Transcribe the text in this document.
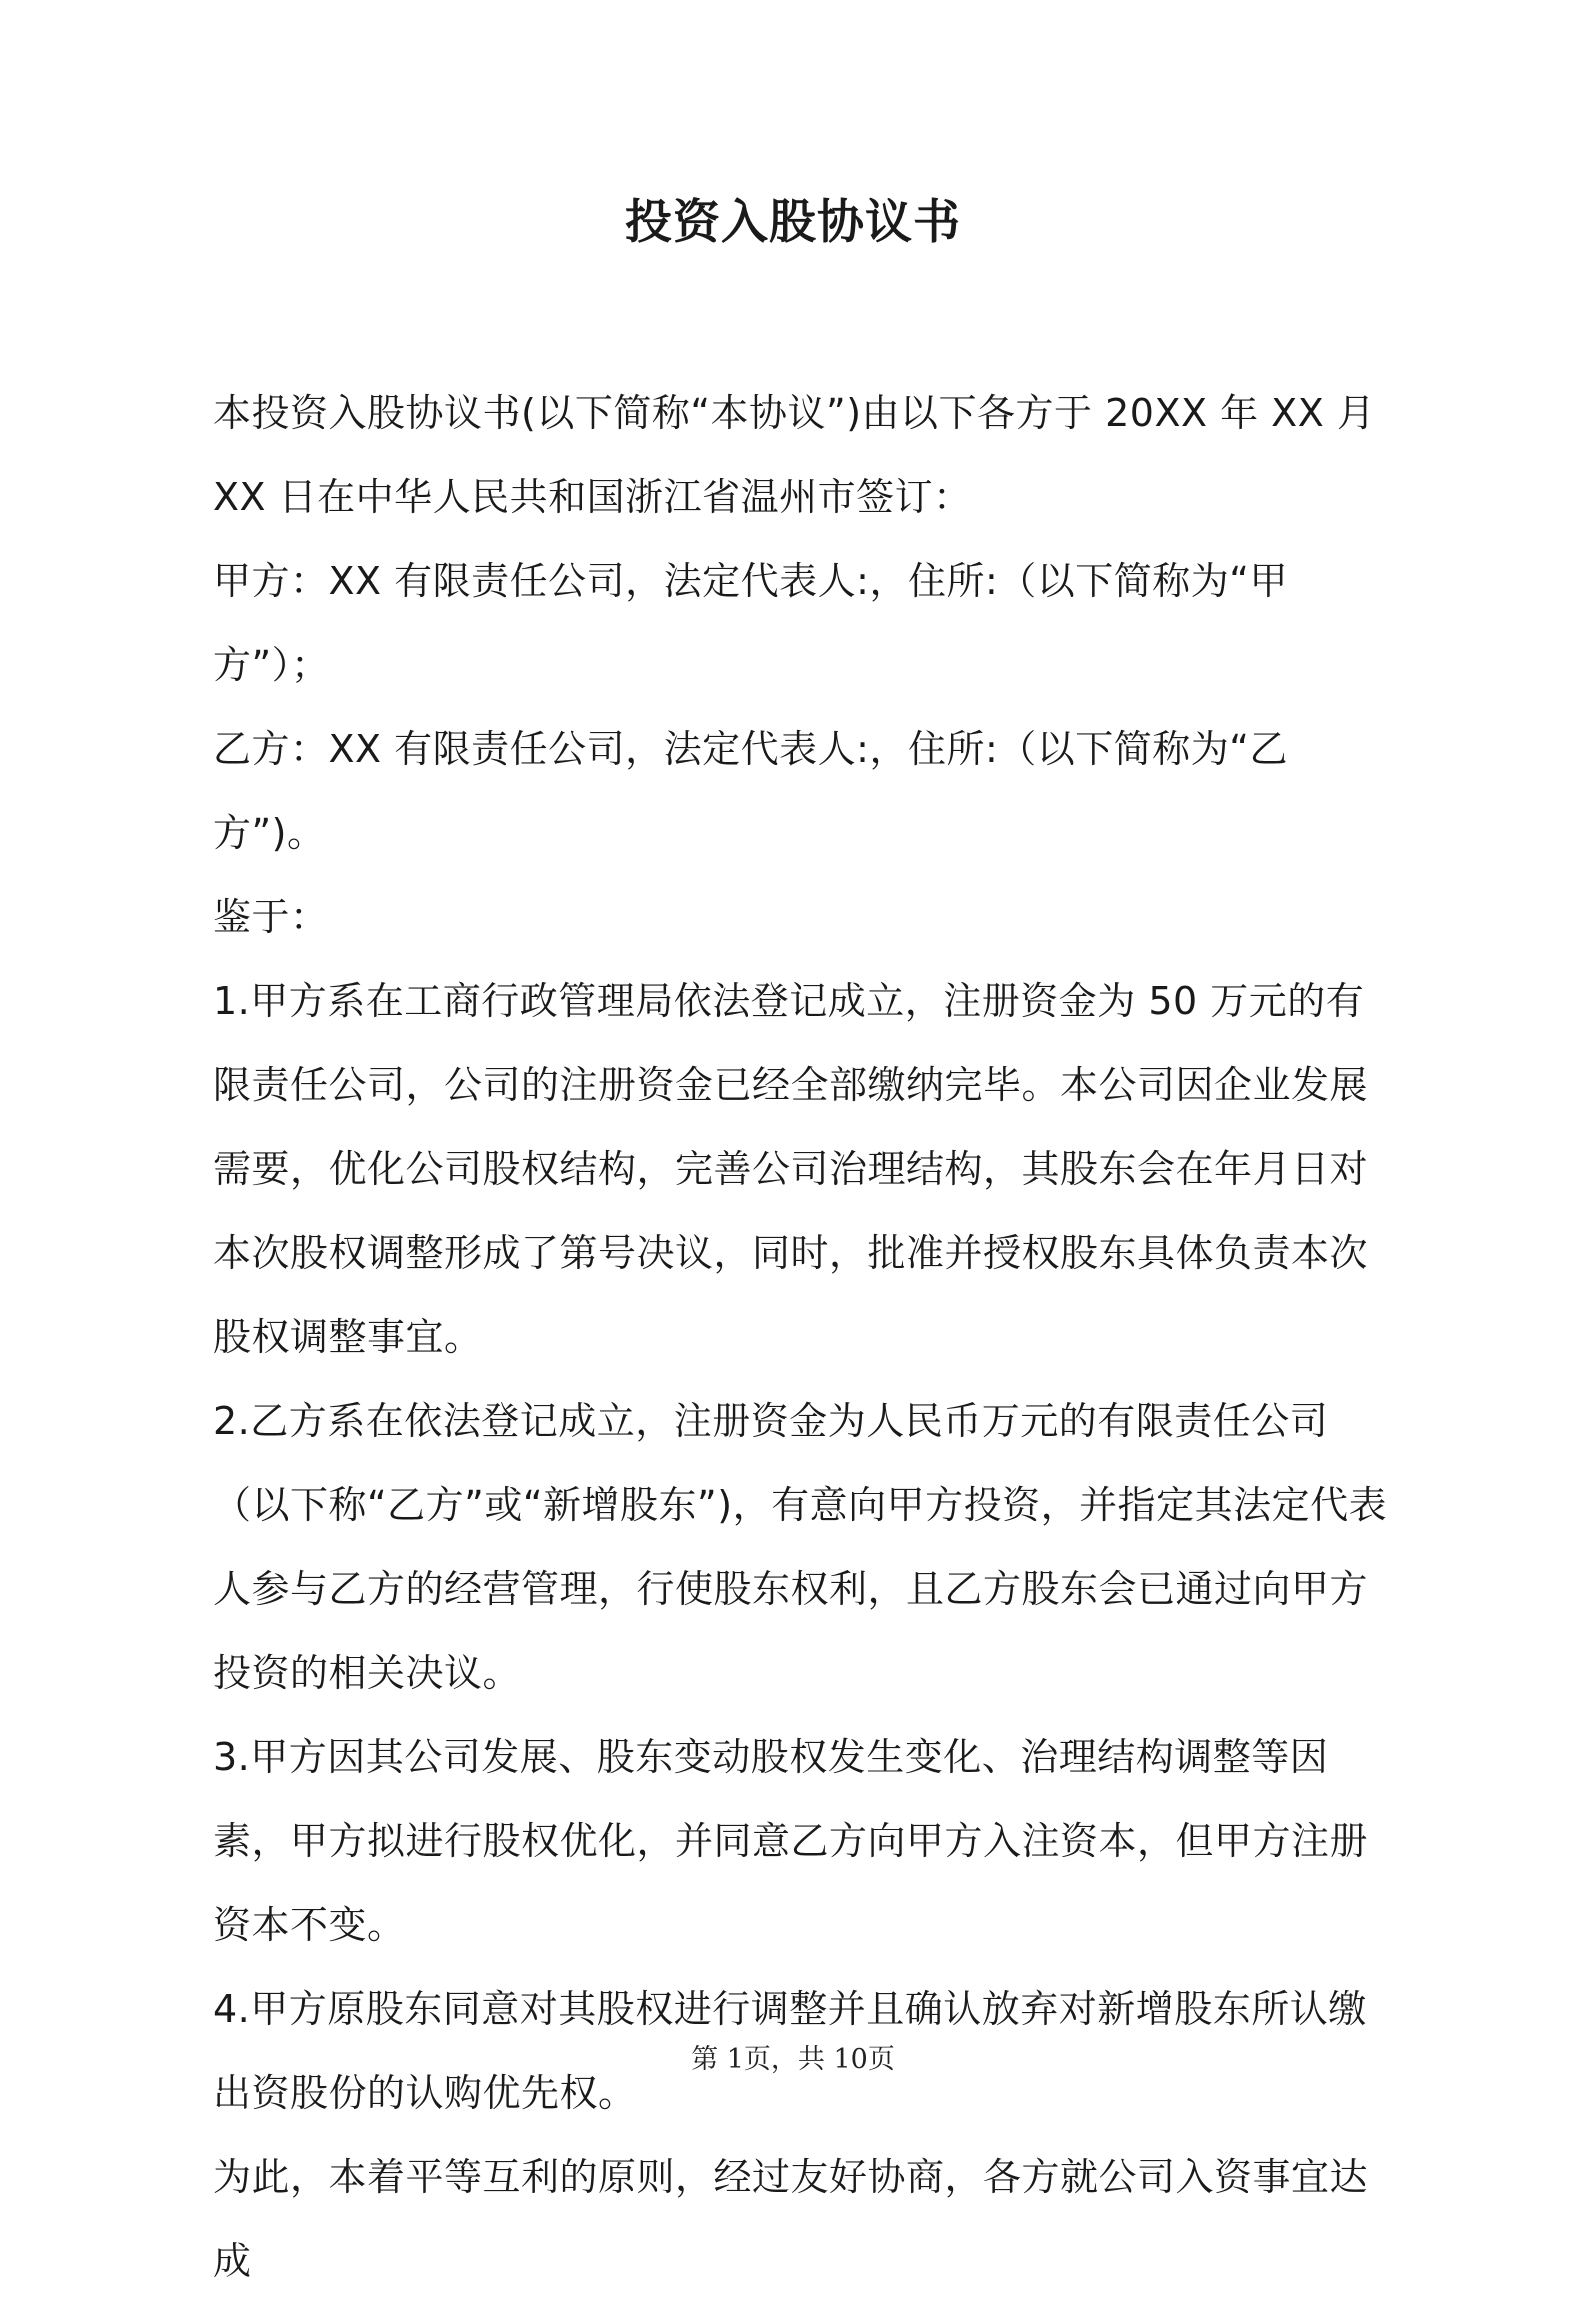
投资入股协议书

本投资入股协议书(以下简称“本协议”)由以下各方于 20XX 年 XX 月 XX 日在中华人民共和国浙江省温州市签订：

甲方：XX 有限责任公司，法定代表人:，住所:（以下简称为“甲方”）；

乙方：XX 有限责任公司，法定代表人:，住所:（以下简称为“乙方”)。

鉴于：

1.甲方系在工商行政管理局依法登记成立，注册资金为 50 万元的有限责任公司，公司的注册资金已经全部缴纳完毕。本公司因企业发展需要，优化公司股权结构，完善公司治理结构，其股东会在年月日对本次股权调整形成了第号决议，同时，批准并授权股东具体负责本次股权调整事宜。

2.乙方系在依法登记成立，注册资金为人民币万元的有限责任公司（以下称“乙方”或“新增股东”)，有意向甲方投资，并指定其法定代表人参与乙方的经营管理，行使股东权利，且乙方股东会已通过向甲方投资的相关决议。

3.甲方因其公司发展、股东变动股权发生变化、治理结构调整等因素，甲方拟进行股权优化，并同意乙方向甲方入注资本，但甲方注册资本不变。

4.甲方原股东同意对其股权进行调整并且确认放弃对新增股东所认缴出资股份的认购优先权。

为此，本着平等互利的原则，经过友好协商，各方就公司入资事宜达成

第 1页，共 10页
